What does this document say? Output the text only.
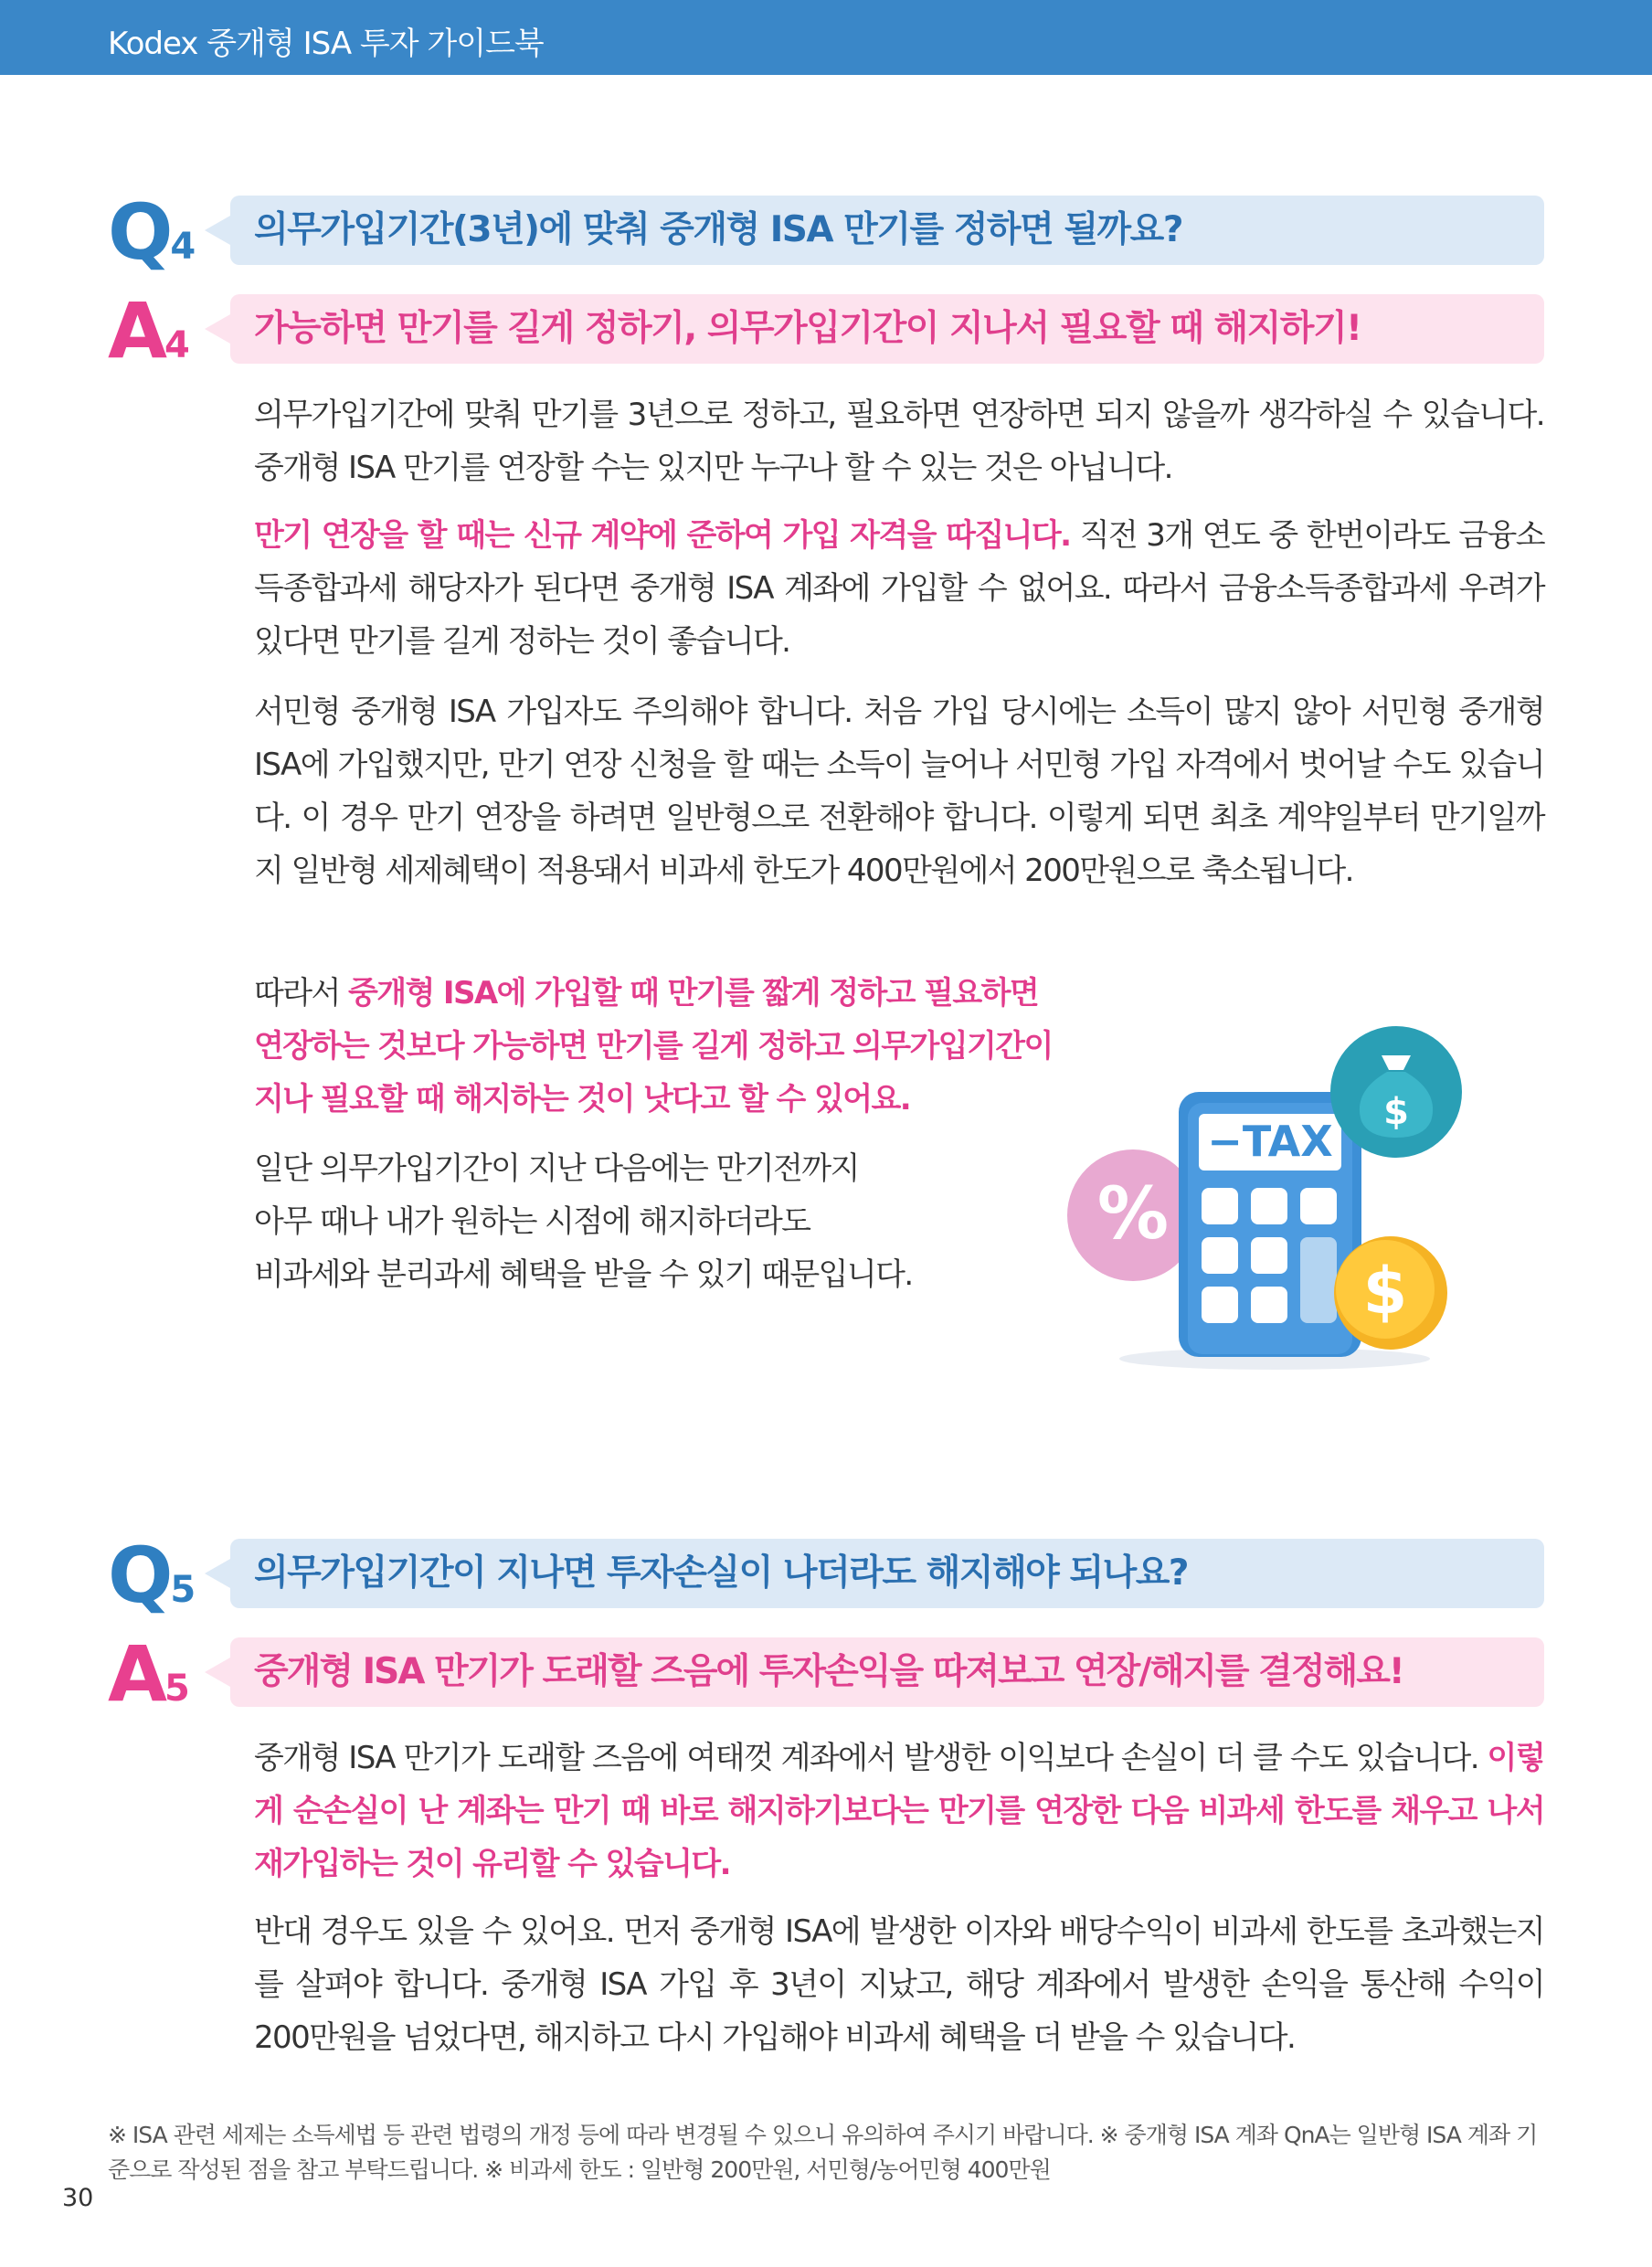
Kodex 중개형 ISA 투자 가이드북
Q4 의무가입기간(3년)에 맞춰 중개형 ISA 만기를 정하면 될까요?
A4 가능하면 만기를 길게 정하기, 의무가입기간이 지나서 필요할 때 해지하기!

의무가입기간에 맞춰 만기를 3년으로 정하고, 필요하면 연장하면 되지 않을까 생각하실 수 있습니다. 중개형 ISA 만기를 연장할 수는 있지만 누구나 할 수 있는 것은 아닙니다.

만기 연장을 할 때는 신규 계약에 준하여 가입 자격을 따집니다. 직전 3개 연도 중 한번이라도 금융소득종합과세 해당자가 된다면 중개형 ISA 계좌에 가입할 수 없어요. 따라서 금융소득종합과세 우려가 있다면 만기를 길게 정하는 것이 좋습니다.

서민형 중개형 ISA 가입자도 주의해야 합니다. 처음 가입 당시에는 소득이 많지 않아 서민형 중개형 ISA에 가입했지만, 만기 연장 신청을 할 때는 소득이 늘어나 서민형 가입 자격에서 벗어날 수도 있습니다. 이 경우 만기 연장을 하려면 일반형으로 전환해야 합니다. 이렇게 되면 최초 계약일부터 만기일까지 일반형 세제혜택이 적용돼서 비과세 한도가 400만원에서 200만원으로 축소됩니다.

따라서 중개형 ISA에 가입할 때 만기를 짧게 정하고 필요하면
연장하는 것보다 가능하면 만기를 길게 정하고 의무가입기간이
지나 필요할 때 해지하는 것이 낫다고 할 수 있어요.
일단 의무가입기간이 지난 다음에는 만기전까지
아무 때나 내가 원하는 시점에 해지하더라도
비과세와 분리과세 혜택을 받을 수 있기 때문입니다.
%
−TAX
$
$
Q5 의무가입기간이 지나면 투자손실이 나더라도 해지해야 되나요?
A5 중개형 ISA 만기가 도래할 즈음에 투자손익을 따져보고 연장/해지를 결정해요!

중개형 ISA 만기가 도래할 즈음에 여태껏 계좌에서 발생한 이익보다 손실이 더 클 수도 있습니다. 이렇게 순손실이 난 계좌는 만기 때 바로 해지하기보다는 만기를 연장한 다음 비과세 한도를 채우고 나서 재가입하는 것이 유리할 수 있습니다.

반대 경우도 있을 수 있어요. 먼저 중개형 ISA에 발생한 이자와 배당수익이 비과세 한도를 초과했는지를 살펴야 합니다. 중개형 ISA 가입 후 3년이 지났고, 해당 계좌에서 발생한 손익을 통산해 수익이 200만원을 넘었다면, 해지하고 다시 가입해야 비과세 혜택을 더 받을 수 있습니다.

※ ISA 관련 세제는 소득세법 등 관련 법령의 개정 등에 따라 변경될 수 있으니 유의하여 주시기 바랍니다. ※ 중개형 ISA 계좌 QnA는 일반형 ISA 계좌 기준으로 작성된 점을 참고 부탁드립니다. ※ 비과세 한도 : 일반형 200만원, 서민형/농어민형 400만원
30
